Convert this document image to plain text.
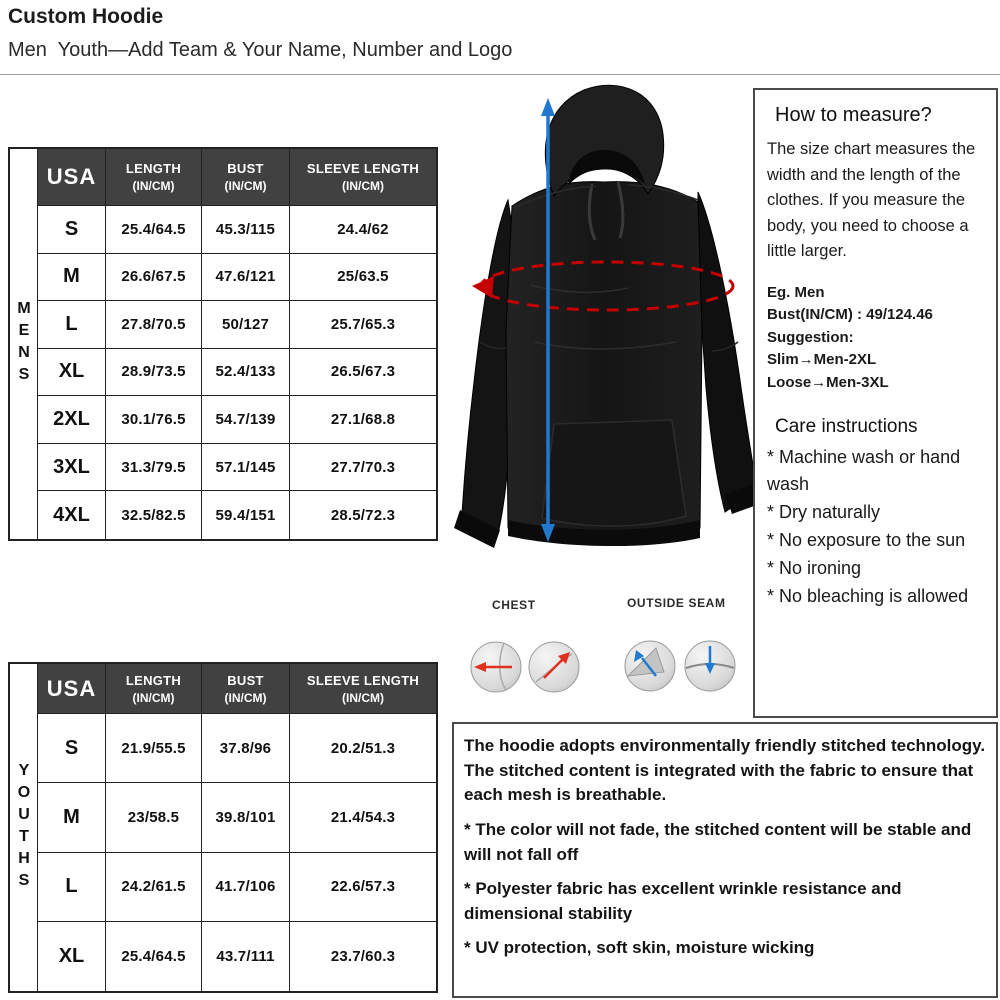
Custom Hoodie
Men  Youth—Add Team & Your Name, Number and Logo
MENS
USA LENGTH
(IN/CM)
BUST
(IN/CM)
SLEEVE LENGTH
(IN/CM)
S	25.4/64.5	45.3/115	24.4/62
M	26.6/67.5	47.6/121	25/63.5
L	27.8/70.5	50/127	25.7/65.3
XL	28.9/73.5	52.4/133	26.5/67.3
2XL	30.1/76.5	54.7/139	27.1/68.8
3XL	31.3/79.5	57.1/145	27.7/70.3
4XL	32.5/82.5	59.4/151	28.5/72.3
YOUTHS
USA LENGTH
(IN/CM)
BUST
(IN/CM)
SLEEVE LENGTH
(IN/CM)
S	21.9/55.5	37.8/96	20.2/51.3
M	23/58.5	39.8/101	21.4/54.3
L	24.2/61.5	41.7/106	22.6/57.3
XL	25.4/64.5	43.7/111	23.7/60.3
CHEST	OUTSIDE SEAM
How to measure?
The size chart measures the width and the length of the clothes. If you measure the body, you need to choose a little larger.
Eg. Men
Bust(IN/CM) : 49/124.46
Suggestion:
Slim→Men-2XL
Loose→Men-3XL
Care instructions
* Machine wash or hand wash
* Dry naturally
* No exposure to the sun
* No ironing
* No bleaching is allowed
The hoodie adopts environmentally friendly stitched technology. The stitched content is integrated with the fabric to ensure that each mesh is breathable.
* The color will not fade, the stitched content will be stable and will not fall off
* Polyester fabric has excellent wrinkle resistance and dimensional stability
* UV protection, soft skin, moisture wicking
